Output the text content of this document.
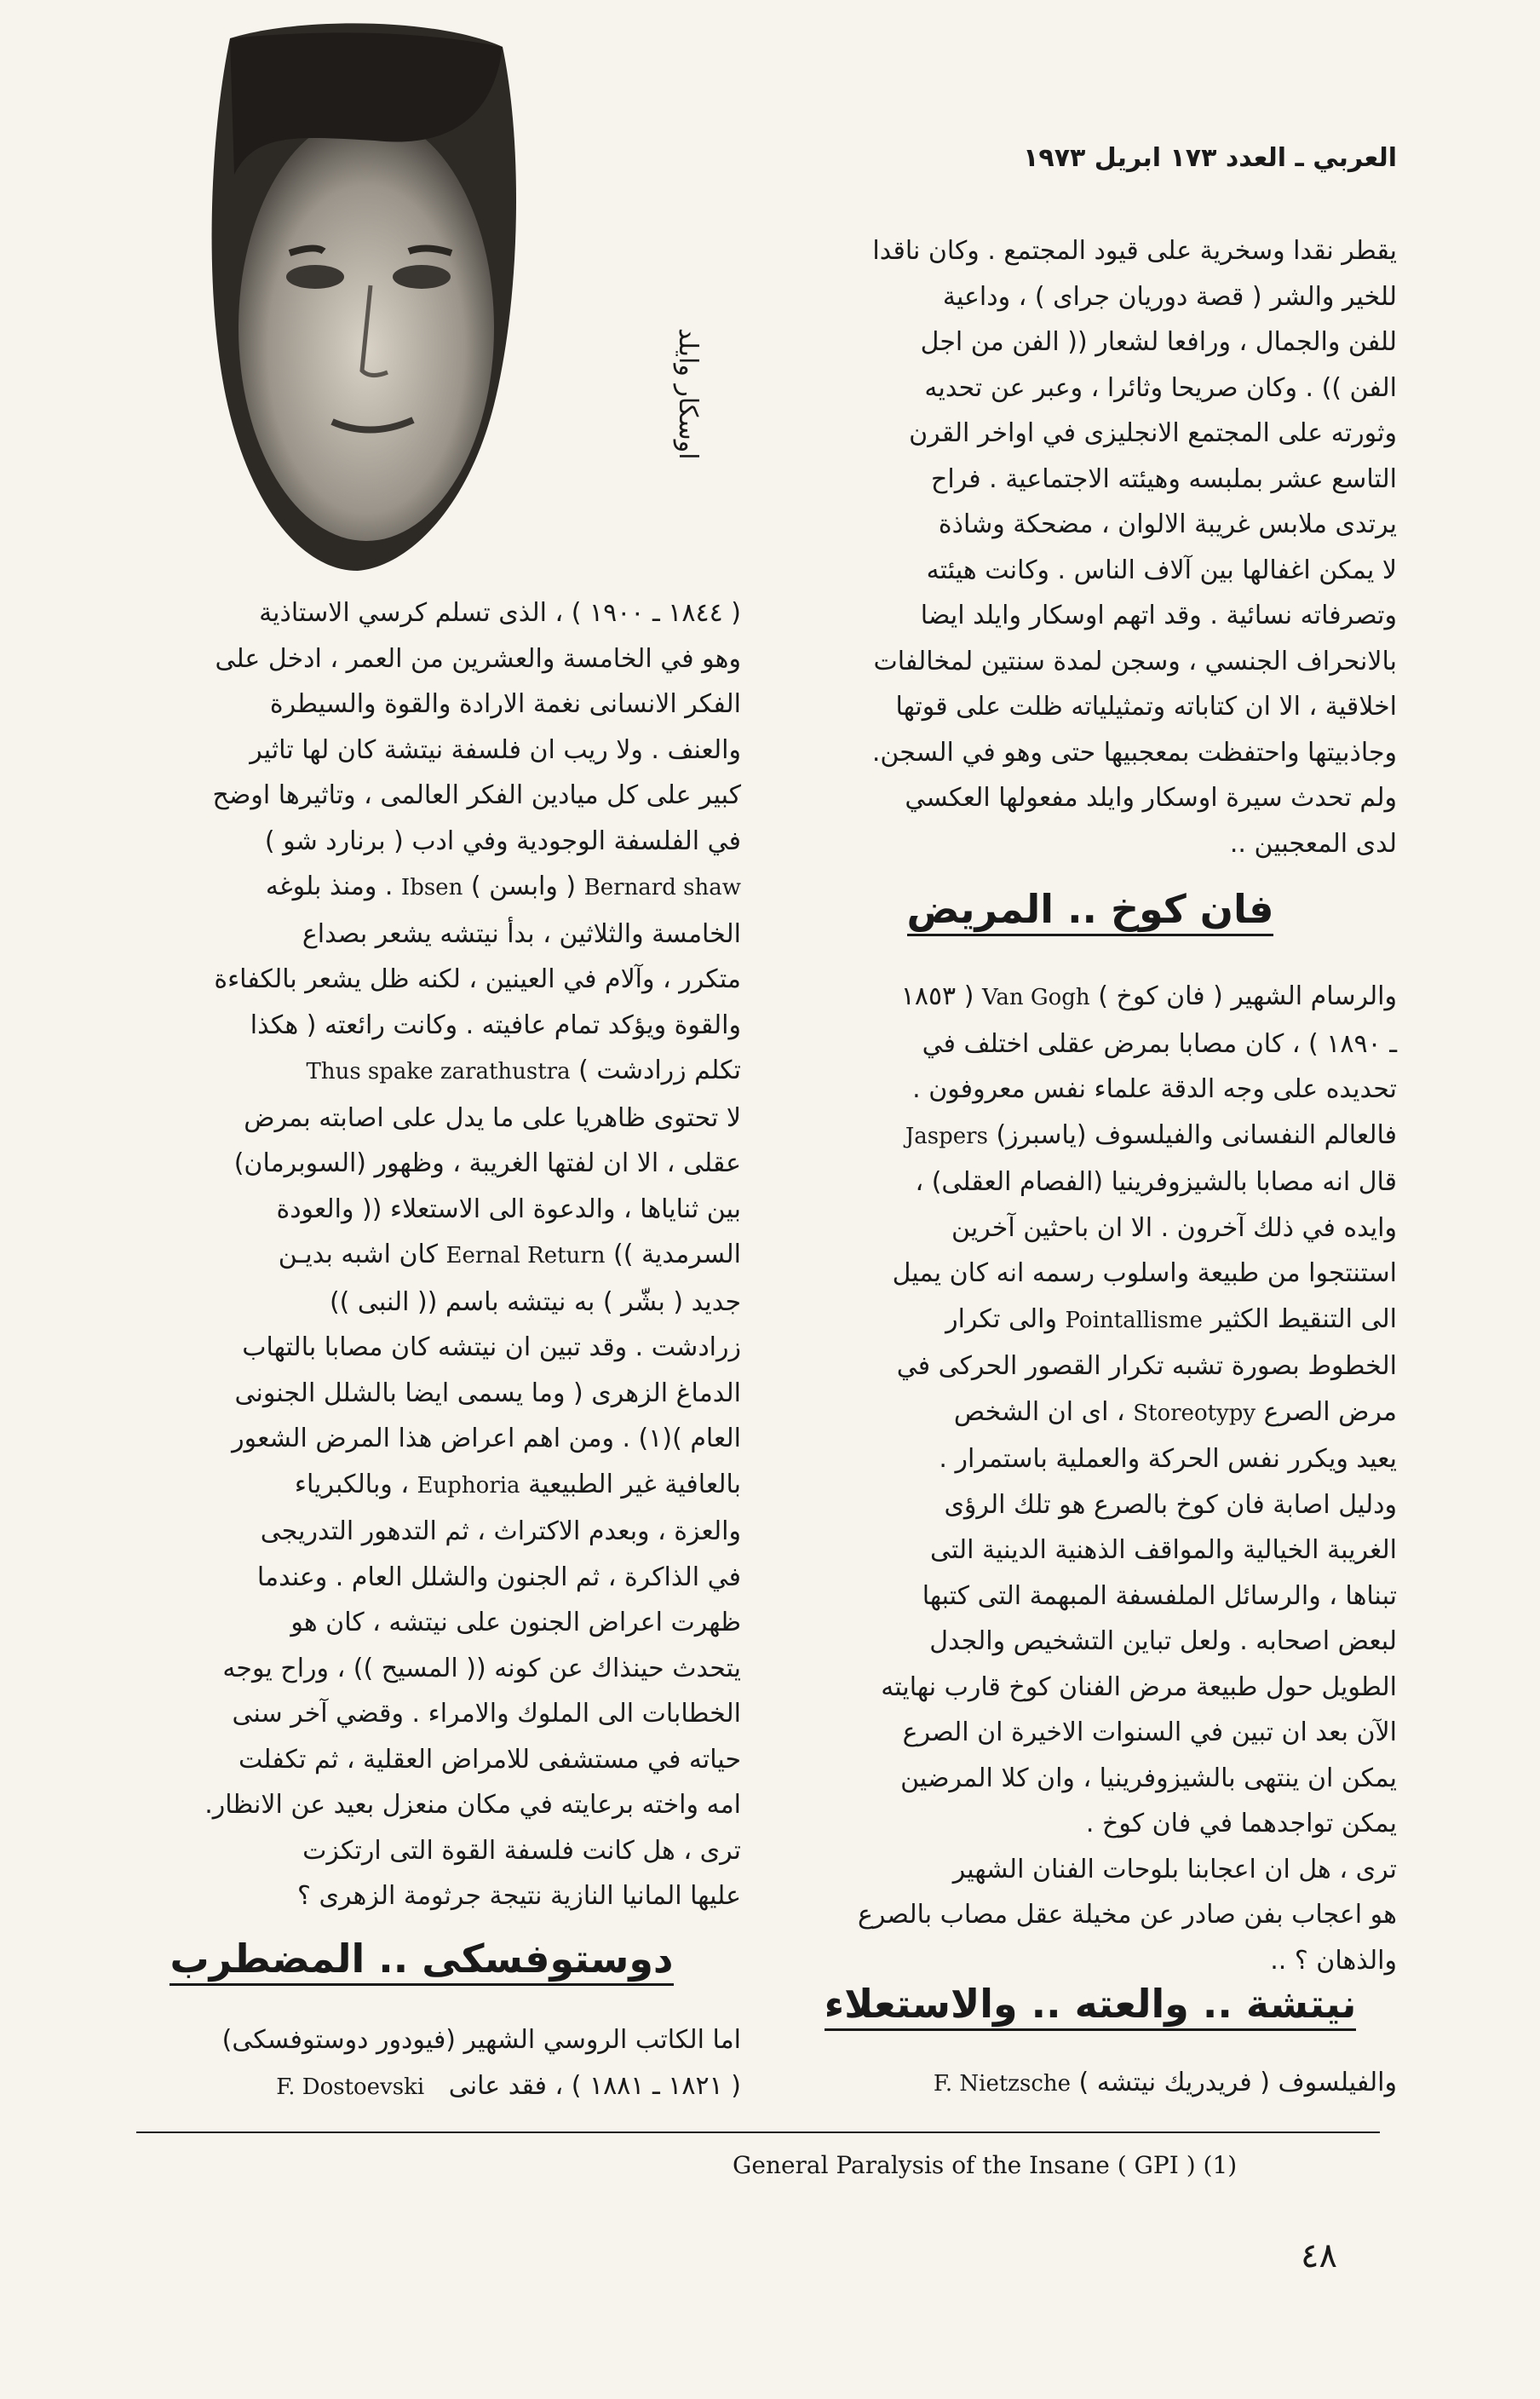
العربي ـ العدد ١٧٣ ابريل ١٩٧٣
اوسكار وايلد

يقطر نقدا وسخرية على قيود المجتمع . وكان ناقدا

للخير والشر ( قصة دوريان جراى ) ، وداعية

للفن والجمال ، ورافعا لشعار (( الفن من اجل

الفن )) . وكان صريحا وثائرا ، وعبر عن تحديه

وثورته على المجتمع الانجليزى في اواخر القرن

التاسع عشر بملبسه وهيئته الاجتماعية . فراح

يرتدى ملابس غريبة الالوان ، مضحكة وشاذة

لا يمكن اغفالها بين آلاف الناس . وكانت هيئته

وتصرفاته نسائية . وقد اتهم اوسكار وايلد ايضا

بالانحراف الجنسي ، وسجن لمدة سنتين لمخالفات

اخلاقية ، الا ان كتاباته وتمثيلياته ظلت على قوتها

وجاذبيتها واحتفظت بمعجبيها حتى وهو في السجن.

ولم تحدث سيرة اوسكار وايلد مفعولها العكسي

لدى المعجبين ..

فان كوخ .. المريض

والرسام الشهير ( فان كوخ ) Van Gogh ( ١٨٥٣

ـ ١٨٩٠ ) ، كان مصابا بمرض عقلى اختلف في

تحديده على وجه الدقة علماء نفس معروفون .

فالعالم النفسانى والفيلسوف (ياسبرز) Jaspers

قال انه مصابا بالشيزوفرينيا (الفصام العقلى) ،

وايده في ذلك آخرون . الا ان باحثين آخرين

استنتجوا من طبيعة واسلوب رسمه انه كان يميل

الى التنقيط الكثير Pointallisme والى تكرار

الخطوط بصورة تشبه تكرار القصور الحركى في

مرض الصرع Storeotypy ، اى ان الشخص

يعيد ويكرر نفس الحركة والعملية باستمرار .

ودليل اصابة فان كوخ بالصرع هو تلك الرؤى

الغريبة الخيالية والمواقف الذهنية الدينية التى

تبناها ، والرسائل الملفسفة المبهمة التى كتبها

لبعض اصحابه . ولعل تباين التشخيص والجدل

الطويل حول طبيعة مرض الفنان كوخ قارب نهايته

الآن بعد ان تبين في السنوات الاخيرة ان الصرع

يمكن ان ينتهى بالشيزوفرينيا ، وان كلا المرضين

يمكن تواجدهما في فان كوخ .

ترى ، هل ان اعجابنا بلوحات الفنان الشهير

هو اعجاب بفن صادر عن مخيلة عقل مصاب بالصرع

والذهان ؟ ..

نيتشة .. والعته .. والاستعلاء

والفيلسوف ( فريدريك نيتشه ) F. Nietzsche

( ١٨٤٤ ـ ١٩٠٠ ) ، الذى تسلم كرسي الاستاذية

وهو في الخامسة والعشرين من العمر ، ادخل على

الفكر الانسانى نغمة الارادة والقوة والسيطرة

والعنف . ولا ريب ان فلسفة نيتشة كان لها تاثير

كبير على كل ميادين الفكر العالمى ، وتاثيرها اوضح

في الفلسفة الوجودية وفي ادب ( برنارد شو )

Bernard shaw ( وابسن ) Ibsen . ومنذ بلوغه

الخامسة والثلاثين ، بدأ نيتشه يشعر بصداع

متكرر ، وآلام في العينين ، لكنه ظل يشعر بالكفاءة

والقوة ويؤكد تمام عافيته . وكانت رائعته ( هكذا

تكلم زرادشت ) Thus spake zarathustra

لا تحتوى ظاهريا على ما يدل على اصابته بمرض

عقلى ، الا ان لفتها الغريبة ، وظهور (السوبرمان)

بين ثناياها ، والدعوة الى الاستعلاء (( والعودة

السرمدية )) Eernal Return كان اشبه بديـن

جديد ( بشّر ) به نيتشه باسم (( النبى ))

زرادشت . وقد تبين ان نيتشه كان مصابا بالتهاب

الدماغ الزهرى ( وما يسمى ايضا بالشلل الجنونى

العام )(١) . ومن اهم اعراض هذا المرض الشعور

بالعافية غير الطبيعية Euphoria ، وبالكبرياء

والعزة ، وبعدم الاكتراث ، ثم التدهور التدريجى

في الذاكرة ، ثم الجنون والشلل العام . وعندما

ظهرت اعراض الجنون على نيتشه ، كان هو

يتحدث حينذاك عن كونه (( المسيح )) ، وراح يوجه

الخطابات الى الملوك والامراء . وقضي آخر سنى

حياته في مستشفى للامراض العقلية ، ثم تكفلت

امه واخته برعايته في مكان منعزل بعيد عن الانظار.

ترى ، هل كانت فلسفة القوة التى ارتكزت

عليها المانيا النازية نتيجة جرثومة الزهرى ؟

دوستوفسكى .. المضطرب

اما الكاتب الروسي الشهير (فيودور دوستوفسكى)

( ١٨٢١ ـ ١٨٨١ ) ، فقد عانى   F. Dostoevski

General Paralysis of the Insane ( GPI ) (1)
٤٨
